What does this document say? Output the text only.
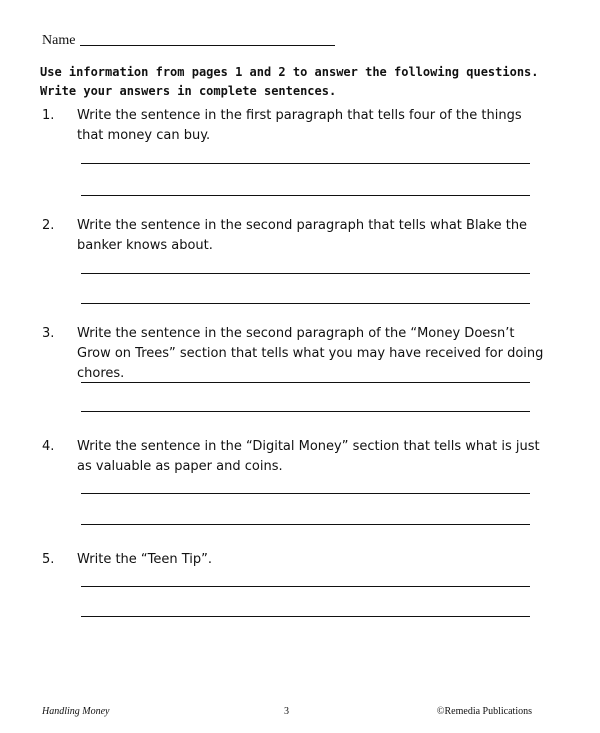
Name
Use information from pages 1 and 2 to answer the following questions.
Write your answers in complete sentences.
1. Write the sentence in the first paragraph that tells four of the things that money can buy.
2. Write the sentence in the second paragraph that tells what Blake the banker knows about.
3. Write the sentence in the second paragraph of the “Money Doesn’t Grow on Trees” section that tells what you may have received for doing chores.
4. Write the sentence in the “Digital Money” section that tells what is just as valuable as paper and coins.
5. Write the “Teen Tip”.
Handling Money	3	©Remedia Publications
